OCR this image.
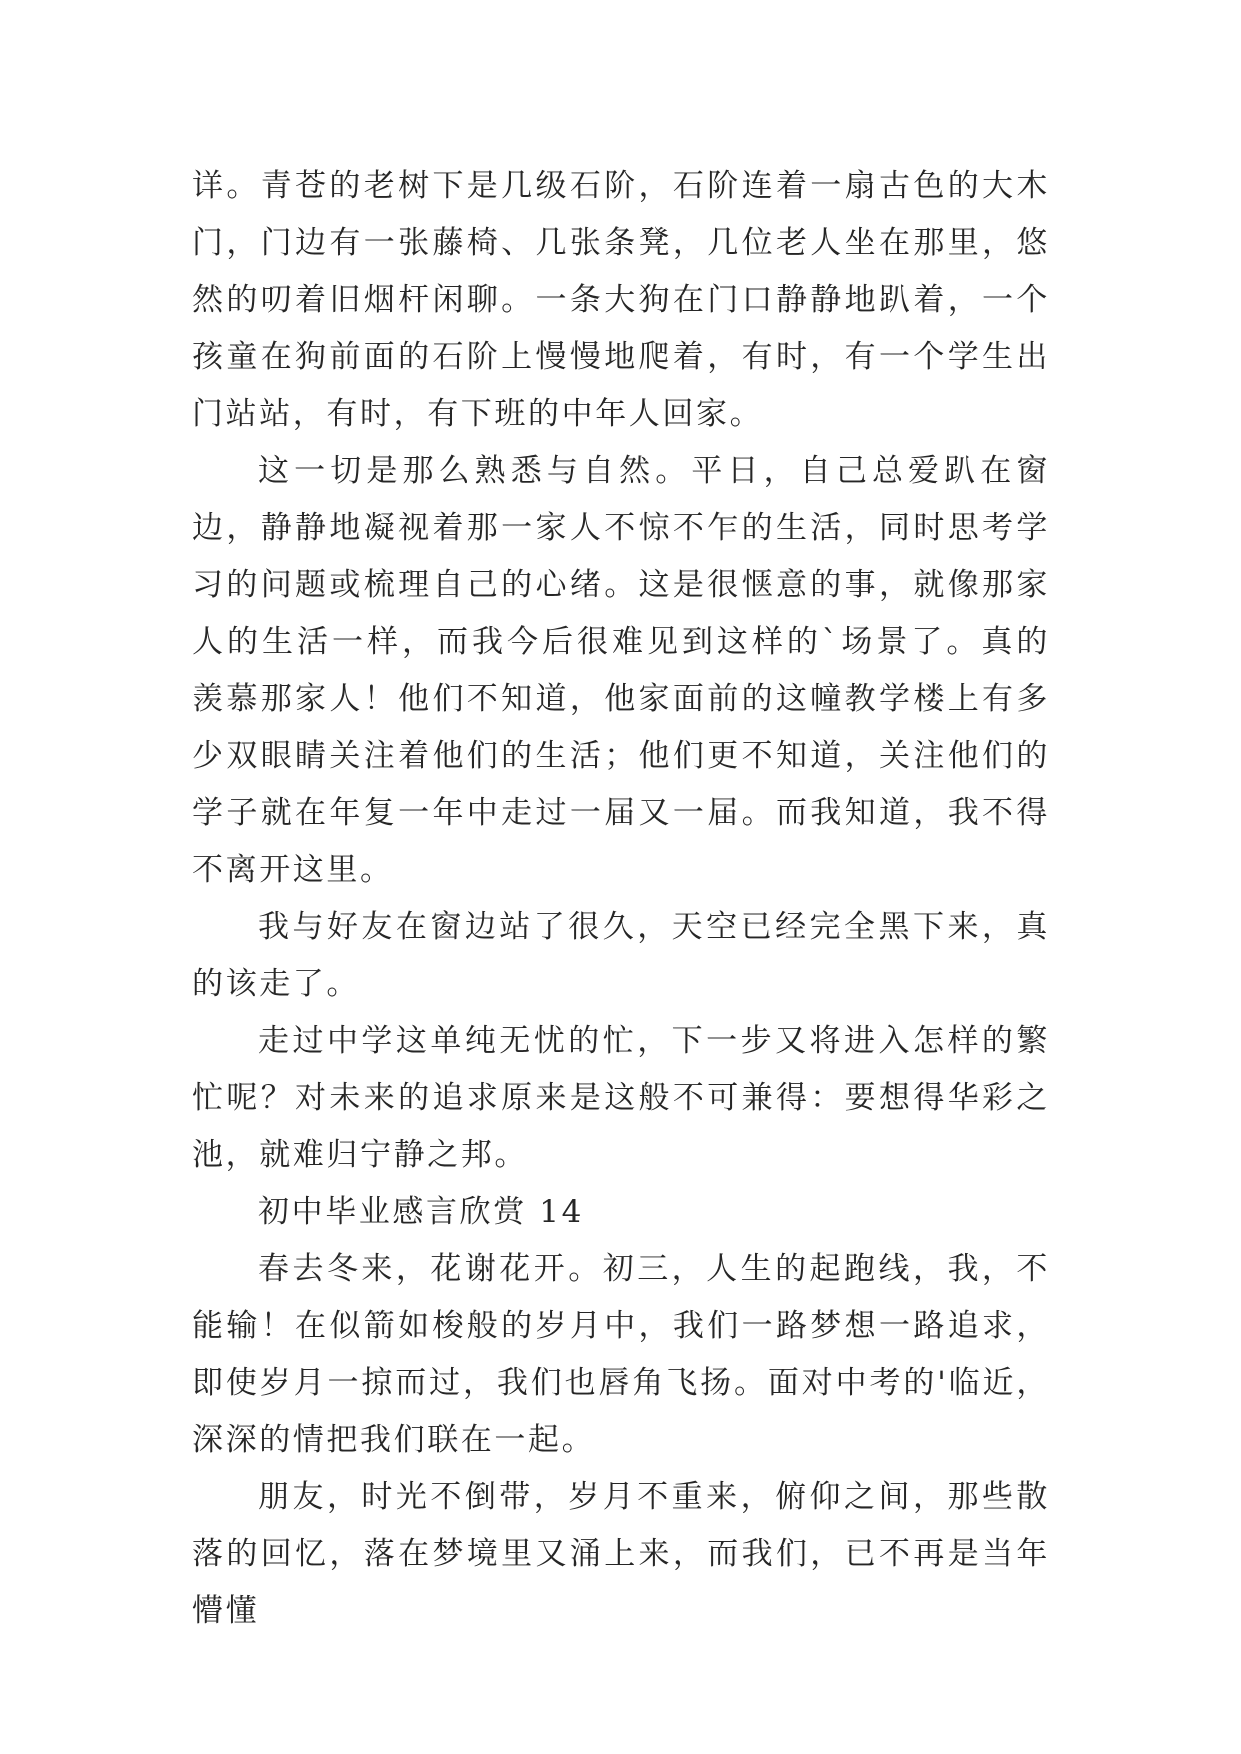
详。青苍的老树下是几级石阶，石阶连着一扇古色的大木门，门边有一张藤椅、几张条凳，几位老人坐在那里，悠然的叨着旧烟杆闲聊。一条大狗在门口静静地趴着，一个孩童在狗前面的石阶上慢慢地爬着，有时，有一个学生出门站站，有时，有下班的中年人回家。

这一切是那么熟悉与自然。平日，自己总爱趴在窗边，静静地凝视着那一家人不惊不乍的生活，同时思考学习的问题或梳理自己的心绪。这是很惬意的事，就像那家人的生活一样，而我今后很难见到这样的`场景了。真的羡慕那家人！他们不知道，他家面前的这幢教学楼上有多少双眼睛关注着他们的生活；他们更不知道，关注他们的学子就在年复一年中走过一届又一届。而我知道，我不得不离开这里。

我与好友在窗边站了很久，天空已经完全黑下来，真的该走了。

走过中学这单纯无忧的忙，下一步又将进入怎样的繁忙呢？对未来的追求原来是这般不可兼得：要想得华彩之池，就难归宁静之邦。

初中毕业感言欣赏 14

春去冬来，花谢花开。初三，人生的起跑线，我，不能输！在似箭如梭般的岁月中，我们一路梦想一路追求，即使岁月一掠而过，我们也唇角飞扬。面对中考的'临近，深深的情把我们联在一起。

朋友，时光不倒带，岁月不重来，俯仰之间，那些散落的回忆，落在梦境里又涌上来，而我们，已不再是当年懵懂
